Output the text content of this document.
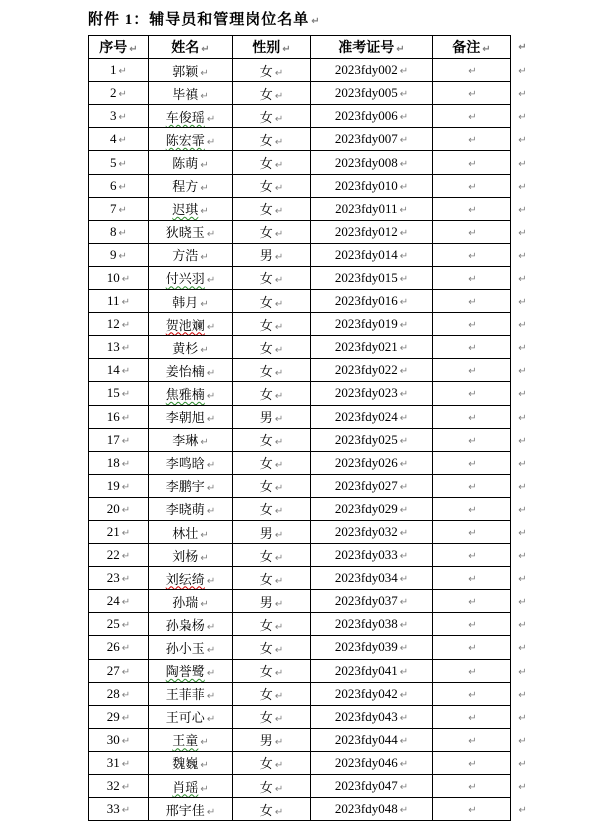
附件 1：辅导员和管理岗位名单 ↵

序号 ↵	姓名 ↵	性别 ↵	准考证号 ↵	备注 ↵	↵
1 ↵	郭颖 ↵	女 ↵	2023fdy002 ↵	↵	↵
2 ↵	毕禛 ↵	女 ↵	2023fdy005 ↵	↵	↵
3 ↵	车俊瑶 ↵	女 ↵	2023fdy006 ↵	↵	↵
4 ↵	陈宏霏 ↵	女 ↵	2023fdy007 ↵	↵	↵
5 ↵	陈萌 ↵	女 ↵	2023fdy008 ↵	↵	↵
6 ↵	程方 ↵	女 ↵	2023fdy010 ↵	↵	↵
7 ↵	迟琪 ↵	女 ↵	2023fdy011 ↵	↵	↵
8 ↵	狄晓玉 ↵	女 ↵	2023fdy012 ↵	↵	↵
9 ↵	方浩 ↵	男 ↵	2023fdy014 ↵	↵	↵
10 ↵	付兴羽 ↵	女 ↵	2023fdy015 ↵	↵	↵
11 ↵	韩月 ↵	女 ↵	2023fdy016 ↵	↵	↵
12 ↵	贺池斓 ↵	女 ↵	2023fdy019 ↵	↵	↵
13 ↵	黄杉 ↵	女 ↵	2023fdy021 ↵	↵	↵
14 ↵	姜怡楠 ↵	女 ↵	2023fdy022 ↵	↵	↵
15 ↵	焦雅楠 ↵	女 ↵	2023fdy023 ↵	↵	↵
16 ↵	李朝旭 ↵	男 ↵	2023fdy024 ↵	↵	↵
17 ↵	李琳 ↵	女 ↵	2023fdy025 ↵	↵	↵
18 ↵	李鸣晗 ↵	女 ↵	2023fdy026 ↵	↵	↵
19 ↵	李鹏宇 ↵	女 ↵	2023fdy027 ↵	↵	↵
20 ↵	李晓萌 ↵	女 ↵	2023fdy029 ↵	↵	↵
21 ↵	林壮 ↵	男 ↵	2023fdy032 ↵	↵	↵
22 ↵	刘杨 ↵	女 ↵	2023fdy033 ↵	↵	↵
23 ↵	刘纭绮 ↵	女 ↵	2023fdy034 ↵	↵	↵
24 ↵	孙瑞 ↵	男 ↵	2023fdy037 ↵	↵	↵
25 ↵	孙枭杨 ↵	女 ↵	2023fdy038 ↵	↵	↵
26 ↵	孙小玉 ↵	女 ↵	2023fdy039 ↵	↵	↵
27 ↵	陶誉鹭 ↵	女 ↵	2023fdy041 ↵	↵	↵
28 ↵	王菲菲 ↵	女 ↵	2023fdy042 ↵	↵	↵
29 ↵	王可心 ↵	女 ↵	2023fdy043 ↵	↵	↵
30 ↵	王童 ↵	男 ↵	2023fdy044 ↵	↵	↵
31 ↵	魏巍 ↵	女 ↵	2023fdy046 ↵	↵	↵
32 ↵	肖瑶 ↵	女 ↵	2023fdy047 ↵	↵	↵
33 ↵	邢宇佳 ↵	女 ↵	2023fdy048 ↵	↵	↵
